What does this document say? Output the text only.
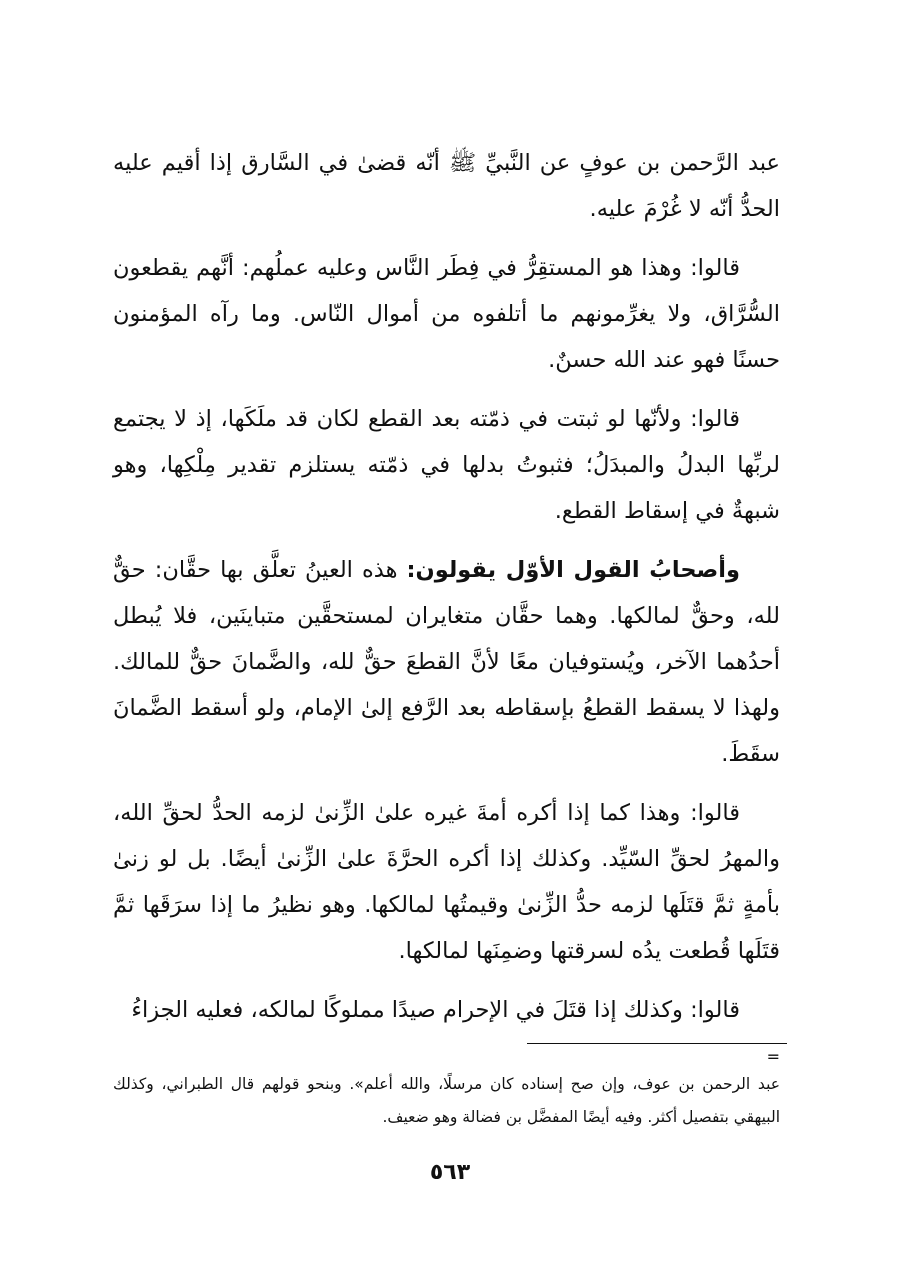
عبد الرَّحمن بن عوفٍ عن النَّبيِّ ﷺ أنّه قضىٰ في السَّارق إذا أقيم عليه الحدُّ أنّه لا غُرْمَ عليه.

قالوا: وهذا هو المستقِرُّ في فِطَر النَّاس وعليه عملُهم: أنَّهم يقطعون السُّرَّاق، ولا يغرِّمونهم ما أتلفوه من أموال النّاس. وما رآه المؤمنون حسنًا فهو عند الله حسنٌ.

قالوا: ولأنّها لو ثبتت في ذمّته بعد القطع لكان قد ملَكَها، إذ لا يجتمع لربِّها البدلُ والمبدَلُ؛ فثبوتُ بدلها في ذمّته يستلزم تقدير مِلْكِها، وهو شبهةٌ في إسقاط القطع.

وأصحابُ القول الأوّل يقولون: هذه العينُ تعلَّق بها حقَّان: حقٌّ لله، وحقٌّ لمالكها. وهما حقَّان متغايران لمستحقَّين متباينَين، فلا يُبطل أحدُهما الآخر، ويُستوفيان معًا لأنَّ القطعَ حقٌّ لله، والضَّمانَ حقٌّ للمالك. ولهذا لا يسقط القطعُ بإسقاطه بعد الرَّفع إلىٰ الإمام، ولو أسقط الضَّمانَ سقَطَ.

قالوا: وهذا كما إذا أكره أمةَ غيره علىٰ الزِّنىٰ لزمه الحدُّ لحقِّ الله، والمهرُ لحقِّ السّيِّد. وكذلك إذا أكره الحرَّةَ علىٰ الزِّنىٰ أيضًا. بل لو زنىٰ بأمةٍ ثمَّ قتَلَها لزمه حدُّ الزِّنىٰ وقيمتُها لمالكها. وهو نظيرُ ما إذا سرَقَها ثمَّ قتَلَها قُطعت يدُه لسرقتها وضمِنَها لمالكها.

قالوا: وكذلك إذا قتَلَ في الإحرام صيدًا مملوكًا لمالكه، فعليه الجزاءُ

=
عبد الرحمن بن عوف، وإن صح إسناده كان مرسلًا، والله أعلم». وبنحو قولهم قال الطبراني، وكذلك البيهقي بتفصيل أكثر. وفيه أيضًا المفضَّل بن فضالة وهو ضعيف.
٥٦٣
